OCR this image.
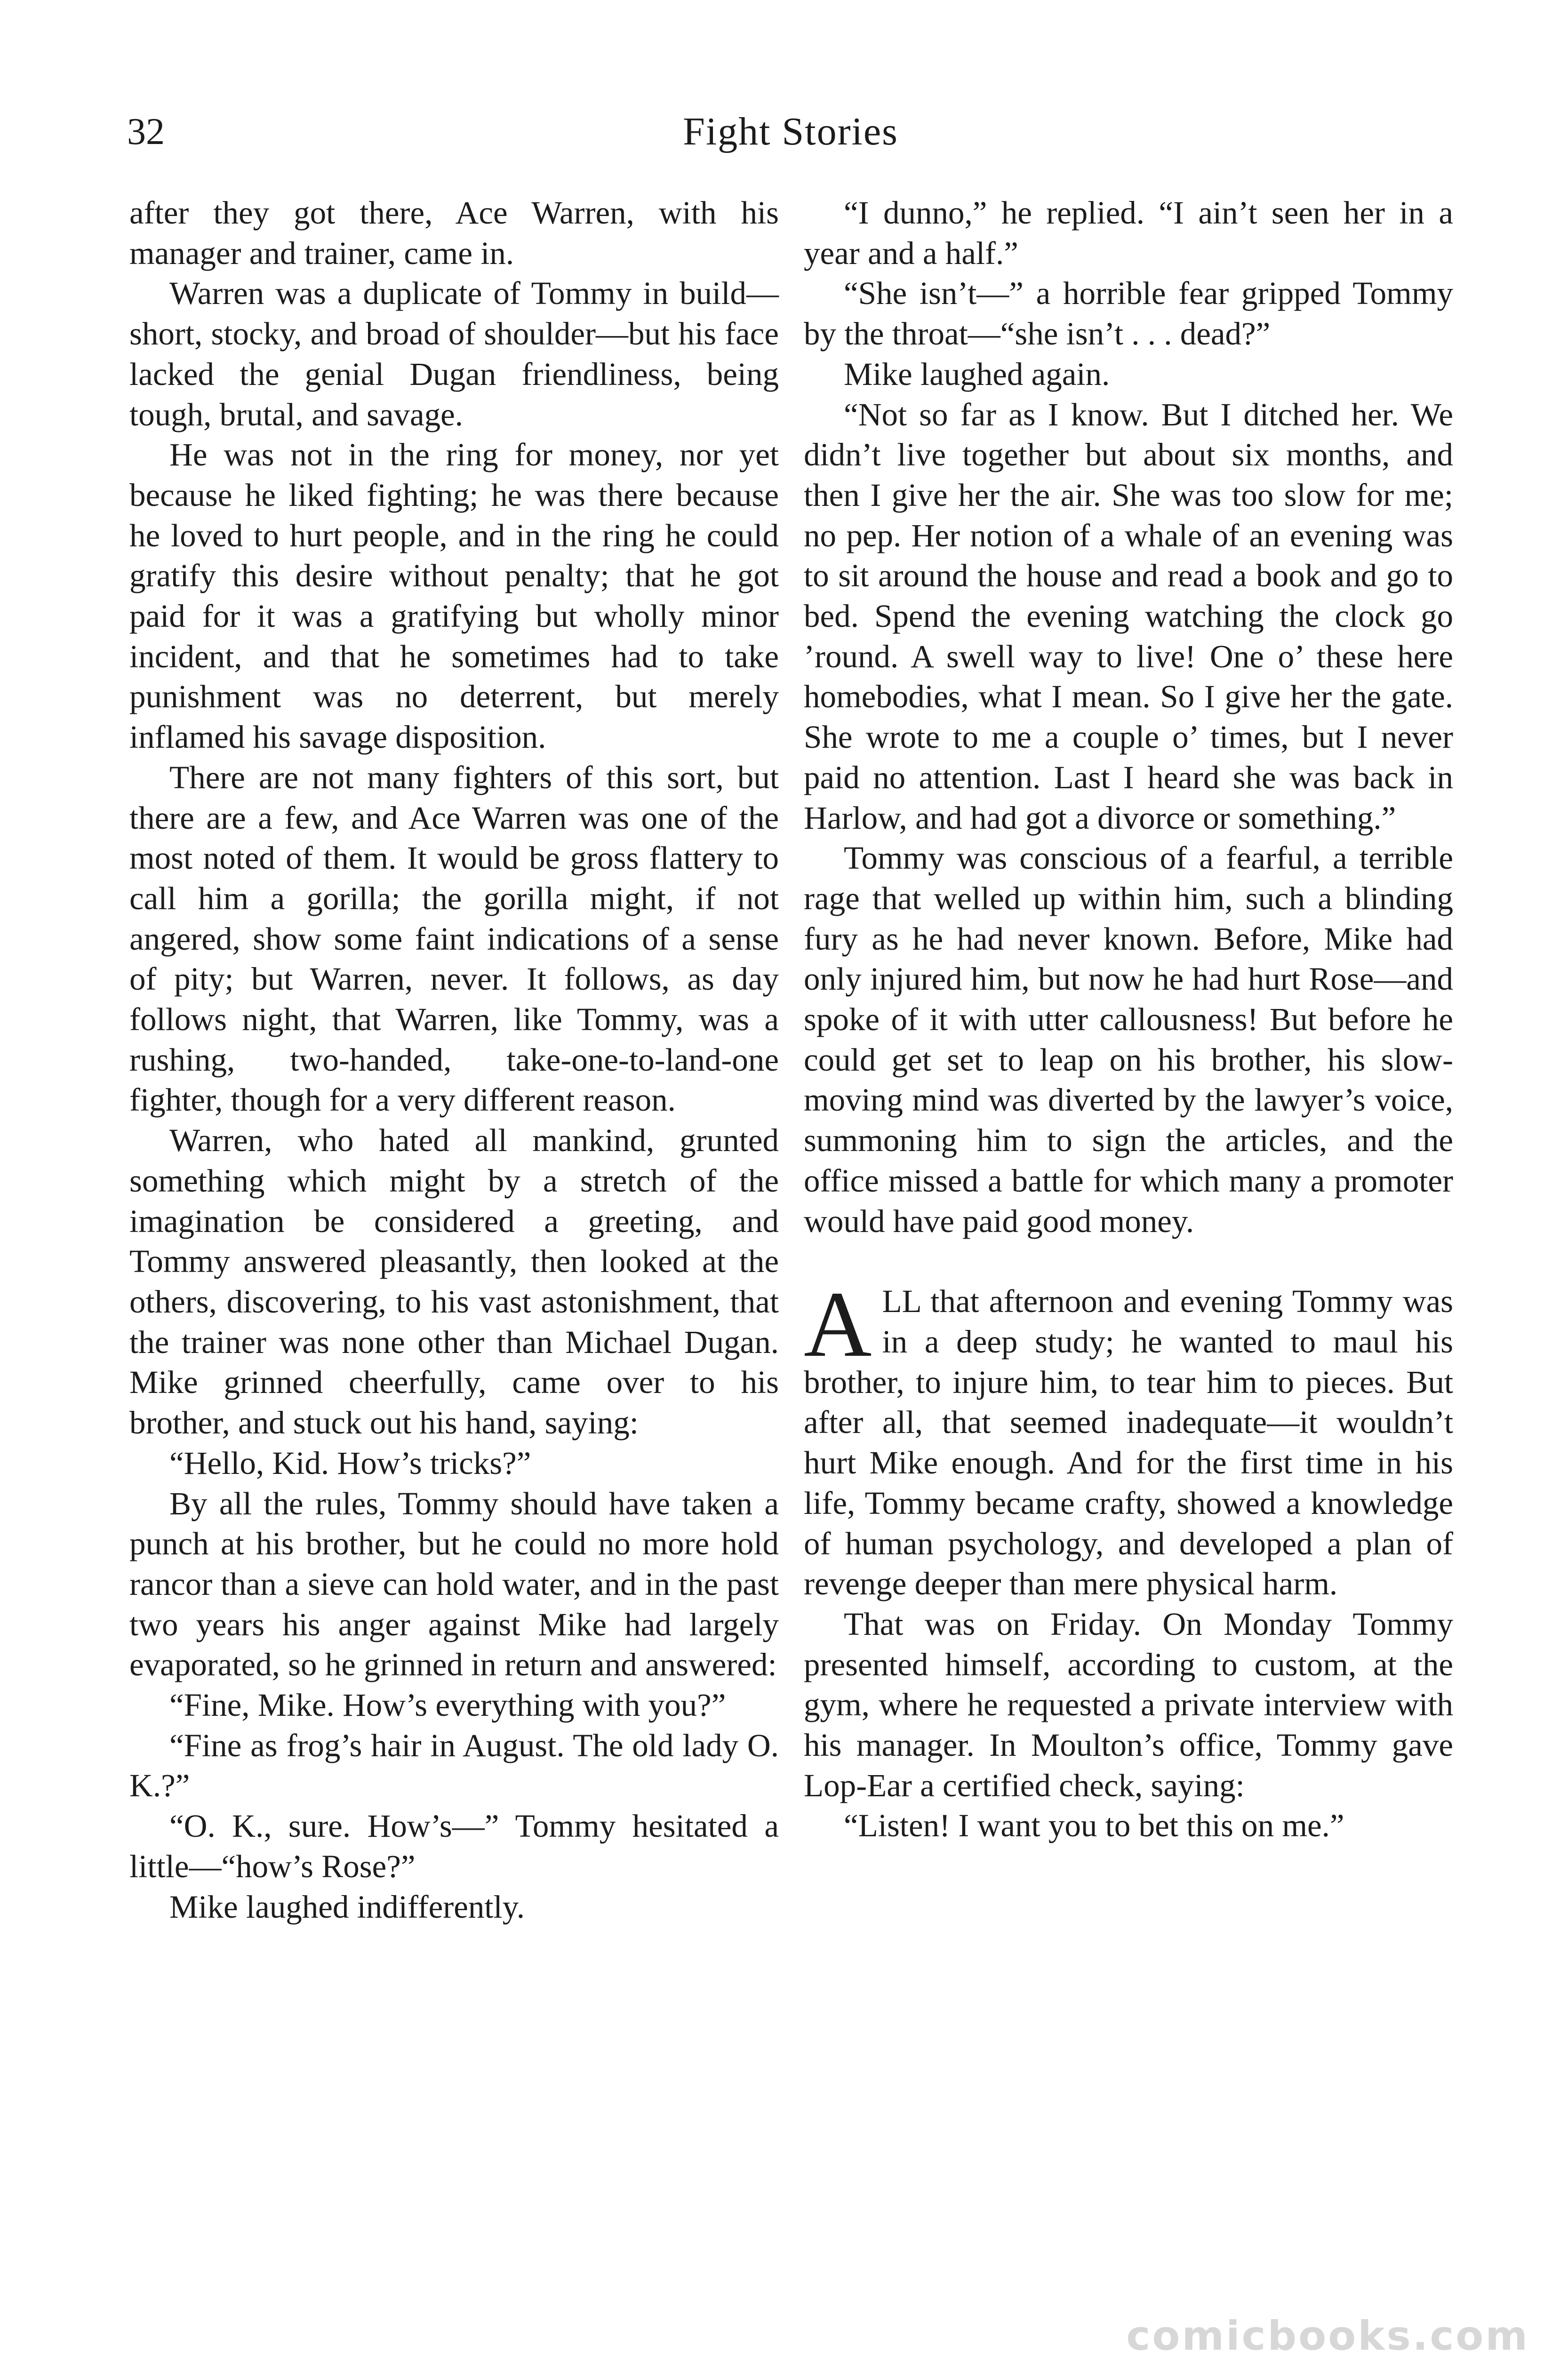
32	Fight Stories

after they got there, Ace Warren, with his manager and trainer, came in.

Warren was a duplicate of Tommy in build—short, stocky, and broad of shoulder—but his face lacked the genial Dugan friendliness, being tough, brutal, and savage.

He was not in the ring for money, nor yet because he liked fighting; he was there because he loved to hurt people, and in the ring he could gratify this desire without penalty; that he got paid for it was a gratifying but wholly minor incident, and that he sometimes had to take punishment was no deterrent, but merely inflamed his savage disposition.

There are not many fighters of this sort, but there are a few, and Ace Warren was one of the most noted of them. It would be gross flattery to call him a gorilla; the gorilla might, if not angered, show some faint indications of a sense of pity; but Warren, never. It follows, as day follows night, that Warren, like Tommy, was a rushing, two-handed, take-one-to-land-one fighter, though for a very different reason.

Warren, who hated all mankind, grunted something which might by a stretch of the imagination be considered a greeting, and Tommy answered pleasantly, then looked at the others, discovering, to his vast astonishment, that the trainer was none other than Michael Dugan. Mike grinned cheerfully, came over to his brother, and stuck out his hand, saying:

“Hello, Kid. How’s tricks?”

By all the rules, Tommy should have taken a punch at his brother, but he could no more hold rancor than a sieve can hold water, and in the past two years his anger against Mike had largely evaporated, so he grinned in return and answered:

“Fine, Mike. How’s everything with you?”

“Fine as frog’s hair in August. The old lady O. K.?”

“O. K., sure. How’s—” Tommy hesitated a little—“how’s Rose?”

Mike laughed indifferently.

“I dunno,” he replied. “I ain’t seen her in a year and a half.”

“She isn’t—” a horrible fear gripped Tommy by the throat—“she isn’t . . . dead?”

Mike laughed again.

“Not so far as I know. But I ditched her. We didn’t live together but about six months, and then I give her the air. She was too slow for me; no pep. Her notion of a whale of an evening was to sit around the house and read a book and go to bed. Spend the evening watching the clock go ’round. A swell way to live! One o’ these here homebodies, what I mean. So I give her the gate. She wrote to me a couple o’ times, but I never paid no attention. Last I heard she was back in Harlow, and had got a divorce or something.”

Tommy was conscious of a fearful, a terrible rage that welled up within him, such a blinding fury as he had never known. Before, Mike had only injured him, but now he had hurt Rose—and spoke of it with utter callousness! But before he could get set to leap on his brother, his slow-moving mind was diverted by the lawyer’s voice, summoning him to sign the articles, and the office missed a battle for which many a promoter would have paid good money.

ALL that afternoon and evening Tommy was in a deep study; he wanted to maul his brother, to injure him, to tear him to pieces. But after all, that seemed inadequate—it wouldn’t hurt Mike enough. And for the first time in his life, Tommy became crafty, showed a knowledge of human psychology, and developed a plan of revenge deeper than mere physical harm.

That was on Friday. On Monday Tommy presented himself, according to custom, at the gym, where he requested a private interview with his manager. In Moulton’s office, Tommy gave Lop-Ear a certified check, saying:

“Listen! I want you to bet this on me.”

comicbooks.com
